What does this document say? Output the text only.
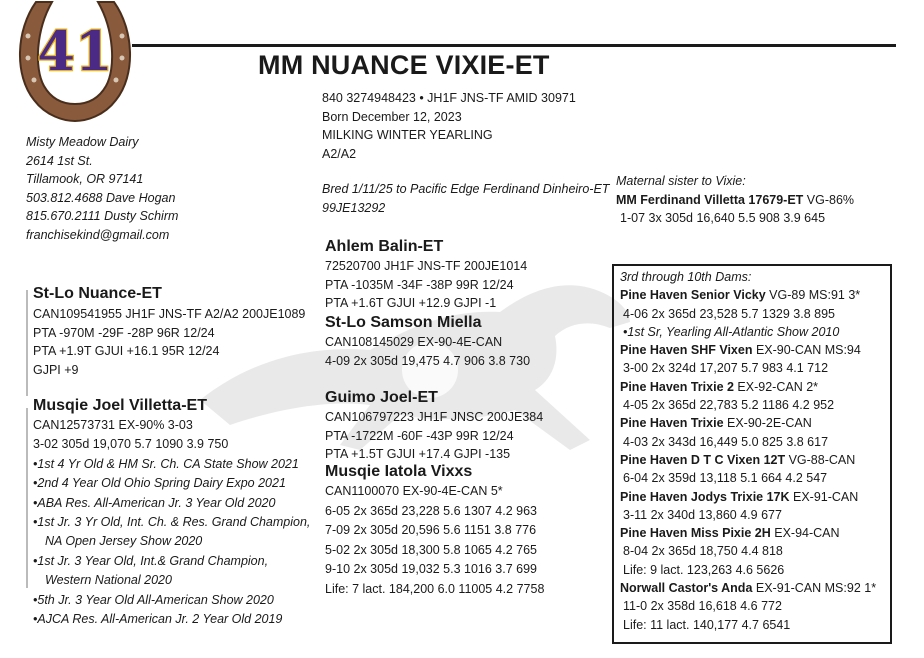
41	MM NUANCE VIXIE-ET
Misty Meadow Dairy
2614 1st St.
Tillamook, OR 97141
503.812.4688 Dave Hogan
815.670.2111 Dusty Schirm
franchisekind@gmail.com
840 3274948423 • JH1F JNS-TF AMID 30971
Born December 12, 2023
MILKING WINTER YEARLING
A2/A2
Bred 1/11/25 to Pacific Edge Ferdinand Dinheiro-ET
99JE13292
Maternal sister to Vixie:
MM Ferdinand Villetta 17679-ET VG-86%
1-07 3x 305d 16,640 5.5 908 3.9 645
St-Lo Nuance-ET
CAN109541955 JH1F JNS-TF A2/A2 200JE1089
PTA -970M -29F -28P 96R 12/24
PTA +1.9T GJUI +16.1 95R 12/24
GJPI +9
Musqie Joel Villetta-ET
CAN12573731 EX-90% 3-03
3-02 305d 19,070 5.7 1090 3.9 750
•1st 4 Yr Old & HM Sr. Ch. CA State Show 2021
•2nd 4 Year Old Ohio Spring Dairy Expo 2021
•ABA Res. All-American Jr. 3 Year Old 2020
•1st Jr. 3 Yr Old, Int. Ch. & Res. Grand Champion,
NA Open Jersey Show 2020
•1st Jr. 3 Year Old, Int.& Grand Champion,
Western National 2020
•5th Jr. 3 Year Old All-American Show 2020
•AJCA Res. All-American Jr. 2 Year Old 2019
Ahlem Balin-ET
72520700 JH1F JNS-TF 200JE1014
PTA -1035M -34F -38P 99R 12/24
PTA +1.6T GJUI +12.9 GJPI -1
St-Lo Samson Miella
CAN108145029 EX-90-4E-CAN
4-09 2x 305d 19,475 4.7 906 3.8 730
Guimo Joel-ET
CAN106797223 JH1F JNSC 200JE384
PTA -1722M -60F -43P 99R 12/24
PTA +1.5T GJUI +17.4 GJPI -135
Musqie Iatola Vixxs
CAN1100070 EX-90-4E-CAN 5*
6-05 2x 365d 23,228 5.6 1307 4.2 963
7-09 2x 305d 20,596 5.6 1151 3.8 776
5-02 2x 305d 18,300 5.8 1065 4.2 765
9-10 2x 305d 19,032 5.3 1016 3.7 699
Life: 7 lact. 184,200 6.0 11005 4.2 7758
3rd through 10th Dams:
Pine Haven Senior Vicky VG-89 MS:91 3*
4-06 2x 365d 23,528 5.7 1329 3.8 895
•1st Sr, Yearling All-Atlantic Show 2010
Pine Haven SHF Vixen EX-90-CAN MS:94
3-00 2x 324d 17,207 5.7 983 4.1 712
Pine Haven Trixie 2 EX-92-CAN 2*
4-05 2x 365d 22,783 5.2 1186 4.2 952
Pine Haven Trixie EX-90-2E-CAN
4-03 2x 343d 16,449 5.0 825 3.8 617
Pine Haven D T C Vixen 12T VG-88-CAN
6-04 2x 359d 13,118 5.1 664 4.2 547
Pine Haven Jodys Trixie 17K EX-91-CAN
3-11 2x 340d 13,860 4.9 677
Pine Haven Miss Pixie 2H EX-94-CAN
8-04 2x 365d 18,750 4.4 818
Life: 9 lact. 123,263 4.6 5626
Norwall Castor's Anda EX-91-CAN MS:92 1*
11-0 2x 358d 16,618 4.6 772
Life: 11 lact. 140,177 4.7 6541
